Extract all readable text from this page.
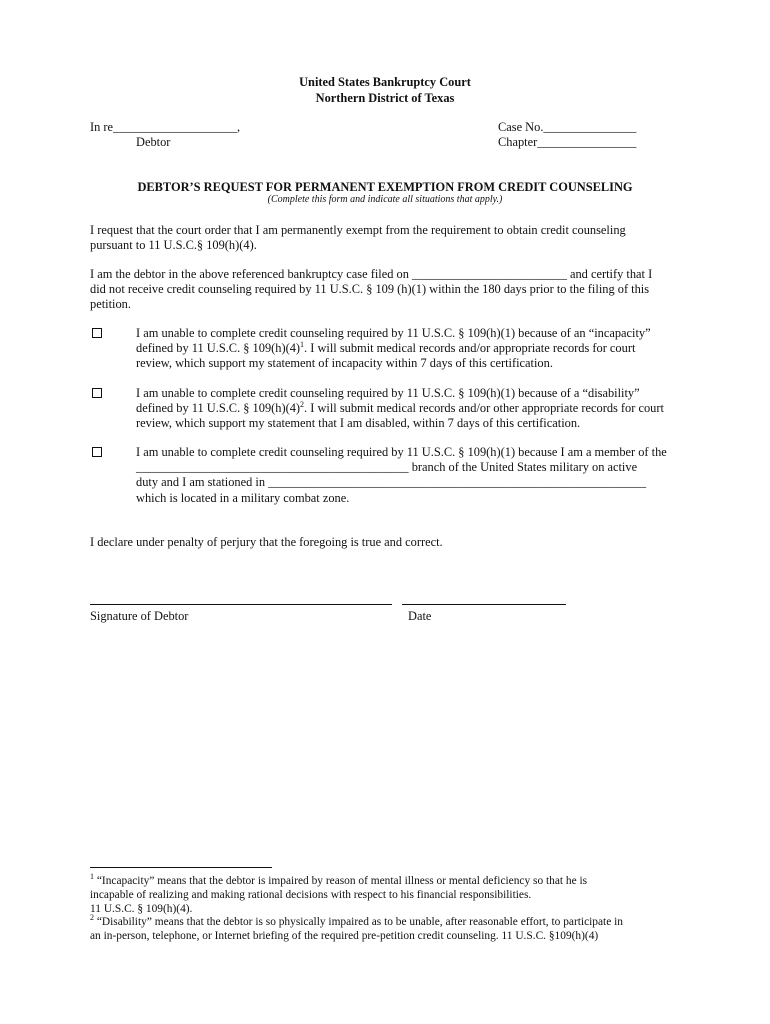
United States Bankruptcy Court
Northern District of Texas
In re____________________,
Debtor
Case No._______________
Chapter________________
DEBTOR’S REQUEST FOR PERMANENT EXEMPTION FROM CREDIT COUNSELING
(Complete this form and indicate all situations that apply.)

I request that the court order that I am permanently exempt from the requirement to obtain credit counseling

pursuant to 11 U.S.C.§ 109(h)(4).

I am the debtor in the above referenced bankruptcy case filed on _________________________ and certify that I

did not receive credit counseling required by 11 U.S.C. § 109 (h)(1) within the 180 days prior to the filing of this

petition.

I am unable to complete credit counseling required by 11 U.S.C. § 109(h)(1) because of an “incapacity”

defined by 11 U.S.C. § $109(h)(4)^1$. I will submit medical records and/or appropriate records for court

review, which support my statement of incapacity within 7 days of this certification.

I am unable to complete credit counseling required by 11 U.S.C. § 109(h)(1) because of a “disability”

defined by 11 U.S.C. § $109(h)(4)^2$. I will submit medical records and/or other appropriate records for court

review, which support my statement that I am disabled, within 7 days of this certification.

I am unable to complete credit counseling required by 11 U.S.C. § 109(h)(1) because I am a member of the

____________________________________________ branch of the United States military on active

duty and I am stationed in _____________________________________________________________

which is located in a military combat zone.

I declare under penalty of perjury that the foregoing is true and correct.
Signature of Debtor	Date

$^1$ “Incapacity” means that the debtor is impaired by reason of mental illness or mental deficiency so that he is

incapable of realizing and making rational decisions with respect to his financial responsibilities.

11 U.S.C. § 109(h)(4).

$^2$ “Disability” means that the debtor is so physically impaired as to be unable, after reasonable effort, to participate in

an in-person, telephone, or Internet briefing of the required pre-petition credit counseling. 11 U.S.C. §109(h)(4)
